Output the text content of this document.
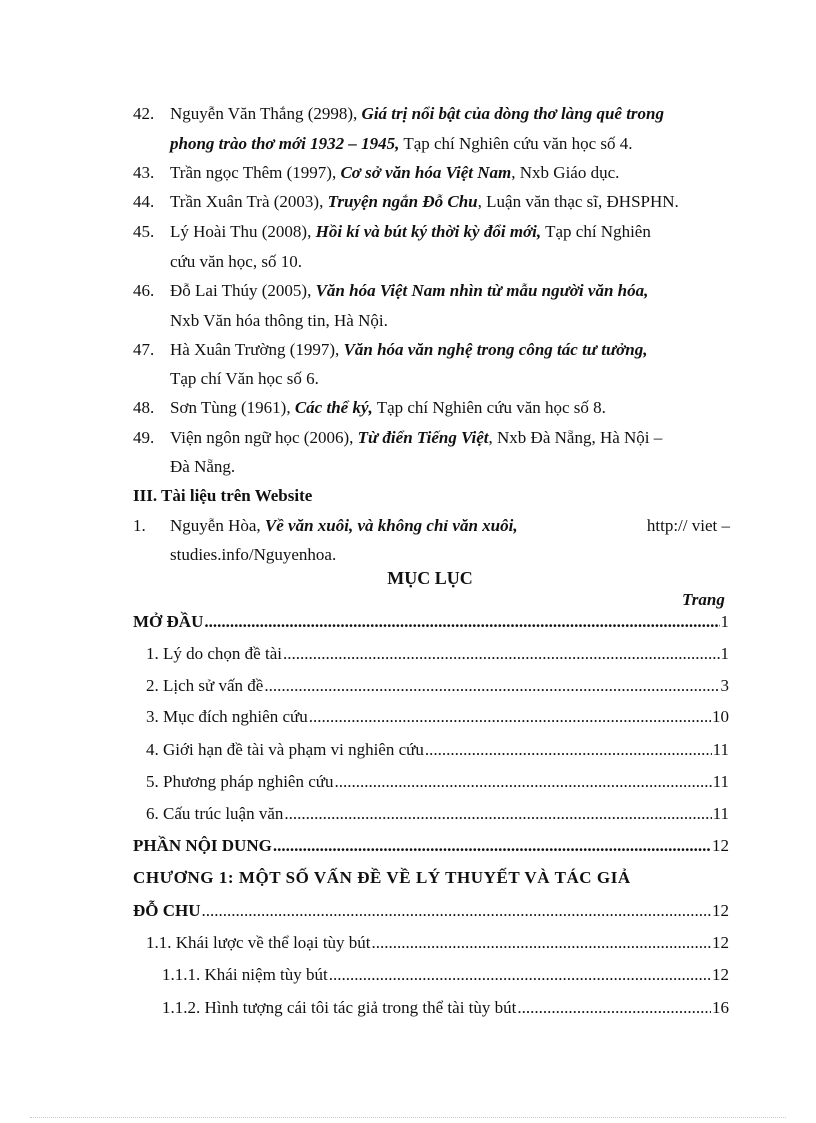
42. Nguyễn Văn Thắng (2998), Giá trị nổi bật của dòng thơ làng quê trong
phong trào thơ mới 1932 – 1945, Tạp chí Nghiên cứu văn học số 4.
43. Trần ngọc Thêm (1997), Cơ sở văn hóa Việt Nam, Nxb Giáo dục.
44. Trần Xuân Trà (2003), Truyện ngắn Đỗ Chu, Luận văn thạc sĩ, ĐHSPHN.
45. Lý Hoài Thu (2008), Hồi kí và bút ký thời kỳ đổi mới, Tạp chí Nghiên
cứu văn học, số 10.
46. Đỗ Lai Thúy (2005), Văn hóa Việt Nam nhìn từ mẫu người văn hóa,
Nxb Văn hóa thông tin, Hà Nội.
47. Hà Xuân Trường (1997), Văn hóa văn nghệ trong công tác tư tưởng,
Tạp chí Văn học số 6.
48. Sơn Tùng (1961), Các thể ký, Tạp chí Nghiên cứu văn học số 8.
49. Viện ngôn ngữ học (2006), Từ điển Tiếng Việt, Nxb Đà Nẵng, Hà Nội –
Đà Nẵng.
III. Tài liệu trên Website
1. Nguyễn Hòa, Về văn xuôi, và không chỉ văn xuôi,	http:// viet –
studies.info/Nguyenhoa.
MỤC LỤC
Trang
MỞ ĐẦU .....	1
1. Lý do chọn đề tài .....	1
2. Lịch sử vấn đề .....	3
3. Mục đích nghiên cứu .....	10
4. Giới hạn đề tài và phạm vi nghiên cứu .....	11
5. Phương pháp nghiên cứu .....	11
6. Cấu trúc luận văn .....	11
PHẦN NỘI DUNG .....	12
CHƯƠNG 1: MỘT SỐ VẤN ĐỀ VỀ LÝ THUYẾT VÀ TÁC GIẢ
ĐỖ CHU .....	12
1.1. Khái lược về thể loại tùy bút .....	12
1.1.1. Khái niệm tùy bút .....	12
1.1.2. Hình tượng cái tôi tác giả trong thể tài tùy bút .....	16
